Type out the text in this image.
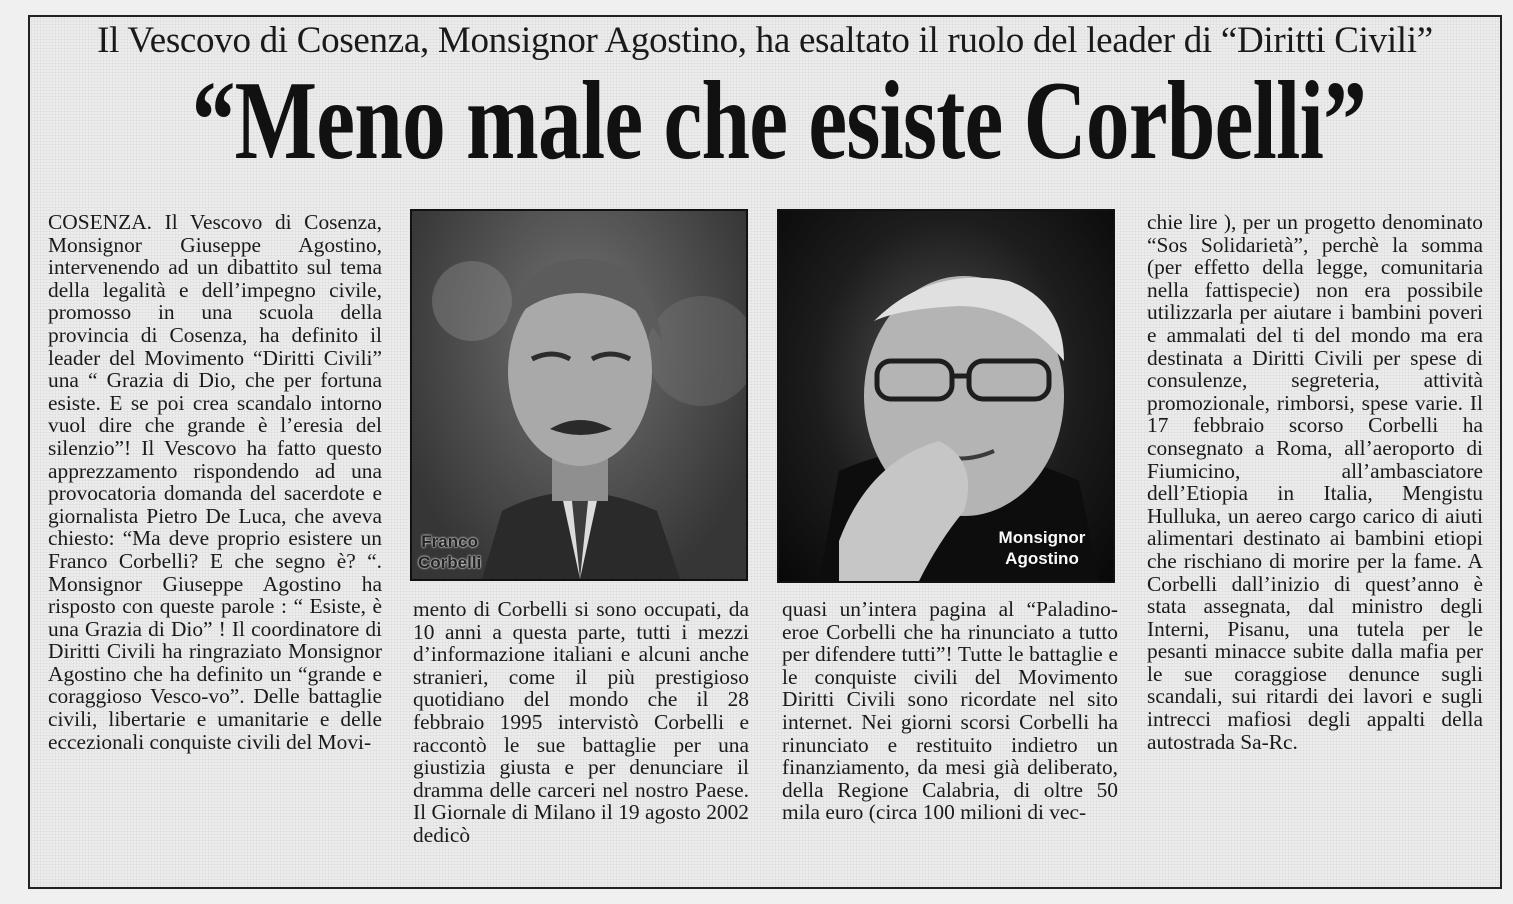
Il Vescovo di Cosenza, Monsignor Agostino, ha esaltato il ruolo del leader di “Diritti Civili”
“Meno male che esiste Corbelli”

COSENZA. Il Vescovo di Cosenza, Monsignor Giuseppe Agostino, intervenendo ad un dibattito sul tema della legalità e dell’impegno civile, promosso in una scuola della provincia di Cosenza, ha definito il leader del Movimento “Diritti Civili” una “ Grazia di Dio, che per fortuna esiste. E se poi crea scandalo intorno vuol dire che grande è l’eresia del silenzio”! Il Vescovo ha fatto questo apprezzamento rispondendo ad una provocatoria domanda del sacerdote e giornalista Pietro De Luca, che aveva chiesto: “Ma deve proprio esistere un Franco Corbelli? E che segno è? “. Monsignor Giuseppe Agostino ha risposto con queste parole : “ Esiste, è una Grazia di Dio” ! Il coordinatore di Diritti Civili ha ringraziato Monsignor Agostino che ha definito un “grande e coraggioso Vesco-vo”. Delle battaglie civili, libertarie e umanitarie e delle eccezionali conquiste civili del Movi-

Franco
Corbelli
Monsignor
Agostino

mento di Corbelli si sono occupati, da 10 anni a questa parte, tutti i mezzi d’informazione italiani e alcuni anche stranieri, come il più prestigioso quotidiano del mondo che il 28 febbraio 1995 intervistò Corbelli e raccontò le sue battaglie per una giustizia giusta e per denunciare il dramma delle carceri nel nostro Paese. Il Giornale di Milano il 19 agosto 2002 dedicò

quasi un’intera pagina al “Paladino-eroe Corbelli che ha rinunciato a tutto per difendere tutti”! Tutte le battaglie e le conquiste civili del Movimento Diritti Civili sono ricordate nel sito internet. Nei giorni scorsi Corbelli ha rinunciato e restituito indietro un finanziamento, da mesi già deliberato, della Regione Calabria, di oltre 50 mila euro (circa 100 milioni di vec-

chie lire ), per un progetto denominato “Sos Solidarietà”, perchè la somma (per effetto della legge, comunitaria nella fattispecie) non era possibile utilizzarla per aiutare i bambini poveri e ammalati del ti del mondo ma era destinata a Diritti Civili per spese di consulenze, segreteria, attività promozionale, rimborsi, spese varie. Il 17 febbraio scorso Corbelli ha consegnato a Roma, all’aeroporto di Fiumicino, all’ambasciatore dell’Etiopia in Italia, Mengistu Hulluka, un aereo cargo carico di aiuti alimentari destinato ai bambini etiopi che rischiano di morire per la fame. A Corbelli dall’inizio di quest’anno è stata assegnata, dal ministro degli Interni, Pisanu, una tutela per le pesanti minacce subite dalla mafia per le sue coraggiose denunce sugli scandali, sui ritardi dei lavori e sugli intrecci mafiosi degli appalti della autostrada Sa-Rc.
